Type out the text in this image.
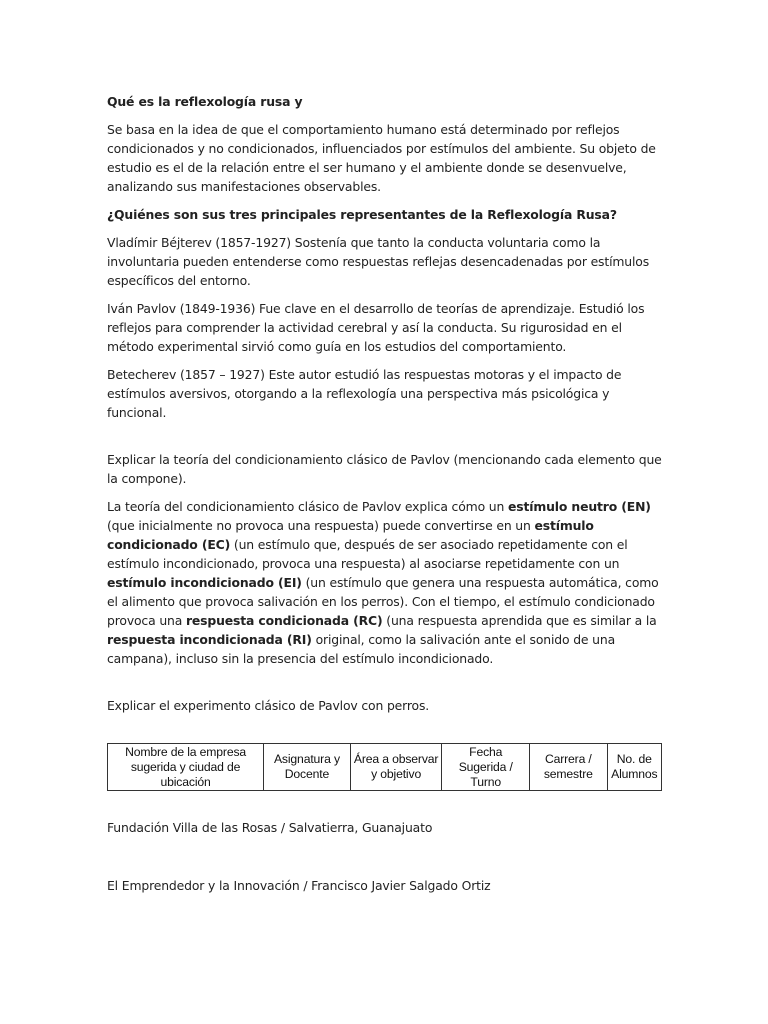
Qué es la reflexología rusa y

Se basa en la idea de que el comportamiento humano está determinado por reflejos condicionados y no condicionados, influenciados por estímulos del ambiente. Su objeto de estudio es el de la relación entre el ser humano y el ambiente donde se desenvuelve, analizando sus manifestaciones observables.

¿Quiénes son sus tres principales representantes de la Reflexología Rusa?

Vladímir Béjterev (1857-1927) Sostenía que tanto la conducta voluntaria como la involuntaria pueden entenderse como respuestas reflejas desencadenadas por estímulos específicos del entorno.

Iván Pavlov (1849-1936) Fue clave en el desarrollo de teorías de aprendizaje. Estudió los reflejos para comprender la actividad cerebral y así la conducta. Su rigurosidad en el método experimental sirvió como guía en los estudios del comportamiento.

Betecherev (1857 – 1927) Este autor estudió las respuestas motoras y el impacto de estímulos aversivos, otorgando a la reflexología una perspectiva más psicológica y funcional.

Explicar la teoría del condicionamiento clásico de Pavlov (mencionando cada elemento que la compone).

La teoría del condicionamiento clásico de Pavlov explica cómo un estímulo neutro (EN) (que inicialmente no provoca una respuesta) puede convertirse en un estímulo condicionado (EC) (un estímulo que, después de ser asociado repetidamente con el estímulo incondicionado, provoca una respuesta) al asociarse repetidamente con un estímulo incondicionado (EI) (un estímulo que genera una respuesta automática, como el alimento que provoca salivación en los perros). Con el tiempo, el estímulo condicionado provoca una respuesta condicionada (RC) (una respuesta aprendida que es similar a la respuesta incondicionada (RI) original, como la salivación ante el sonido de una campana), incluso sin la presencia del estímulo incondicionado.

Explicar el experimento clásico de Pavlov con perros.

Nombre de la empresa sugerida y ciudad de ubicación	Asignatura y Docente	Área a observar y objetivo	Fecha Sugerida / Turno	Carrera / semestre	No. de Alumnos

Fundación Villa de las Rosas / Salvatierra, Guanajuato

El Emprendedor y la Innovación / Francisco Javier Salgado Ortiz
